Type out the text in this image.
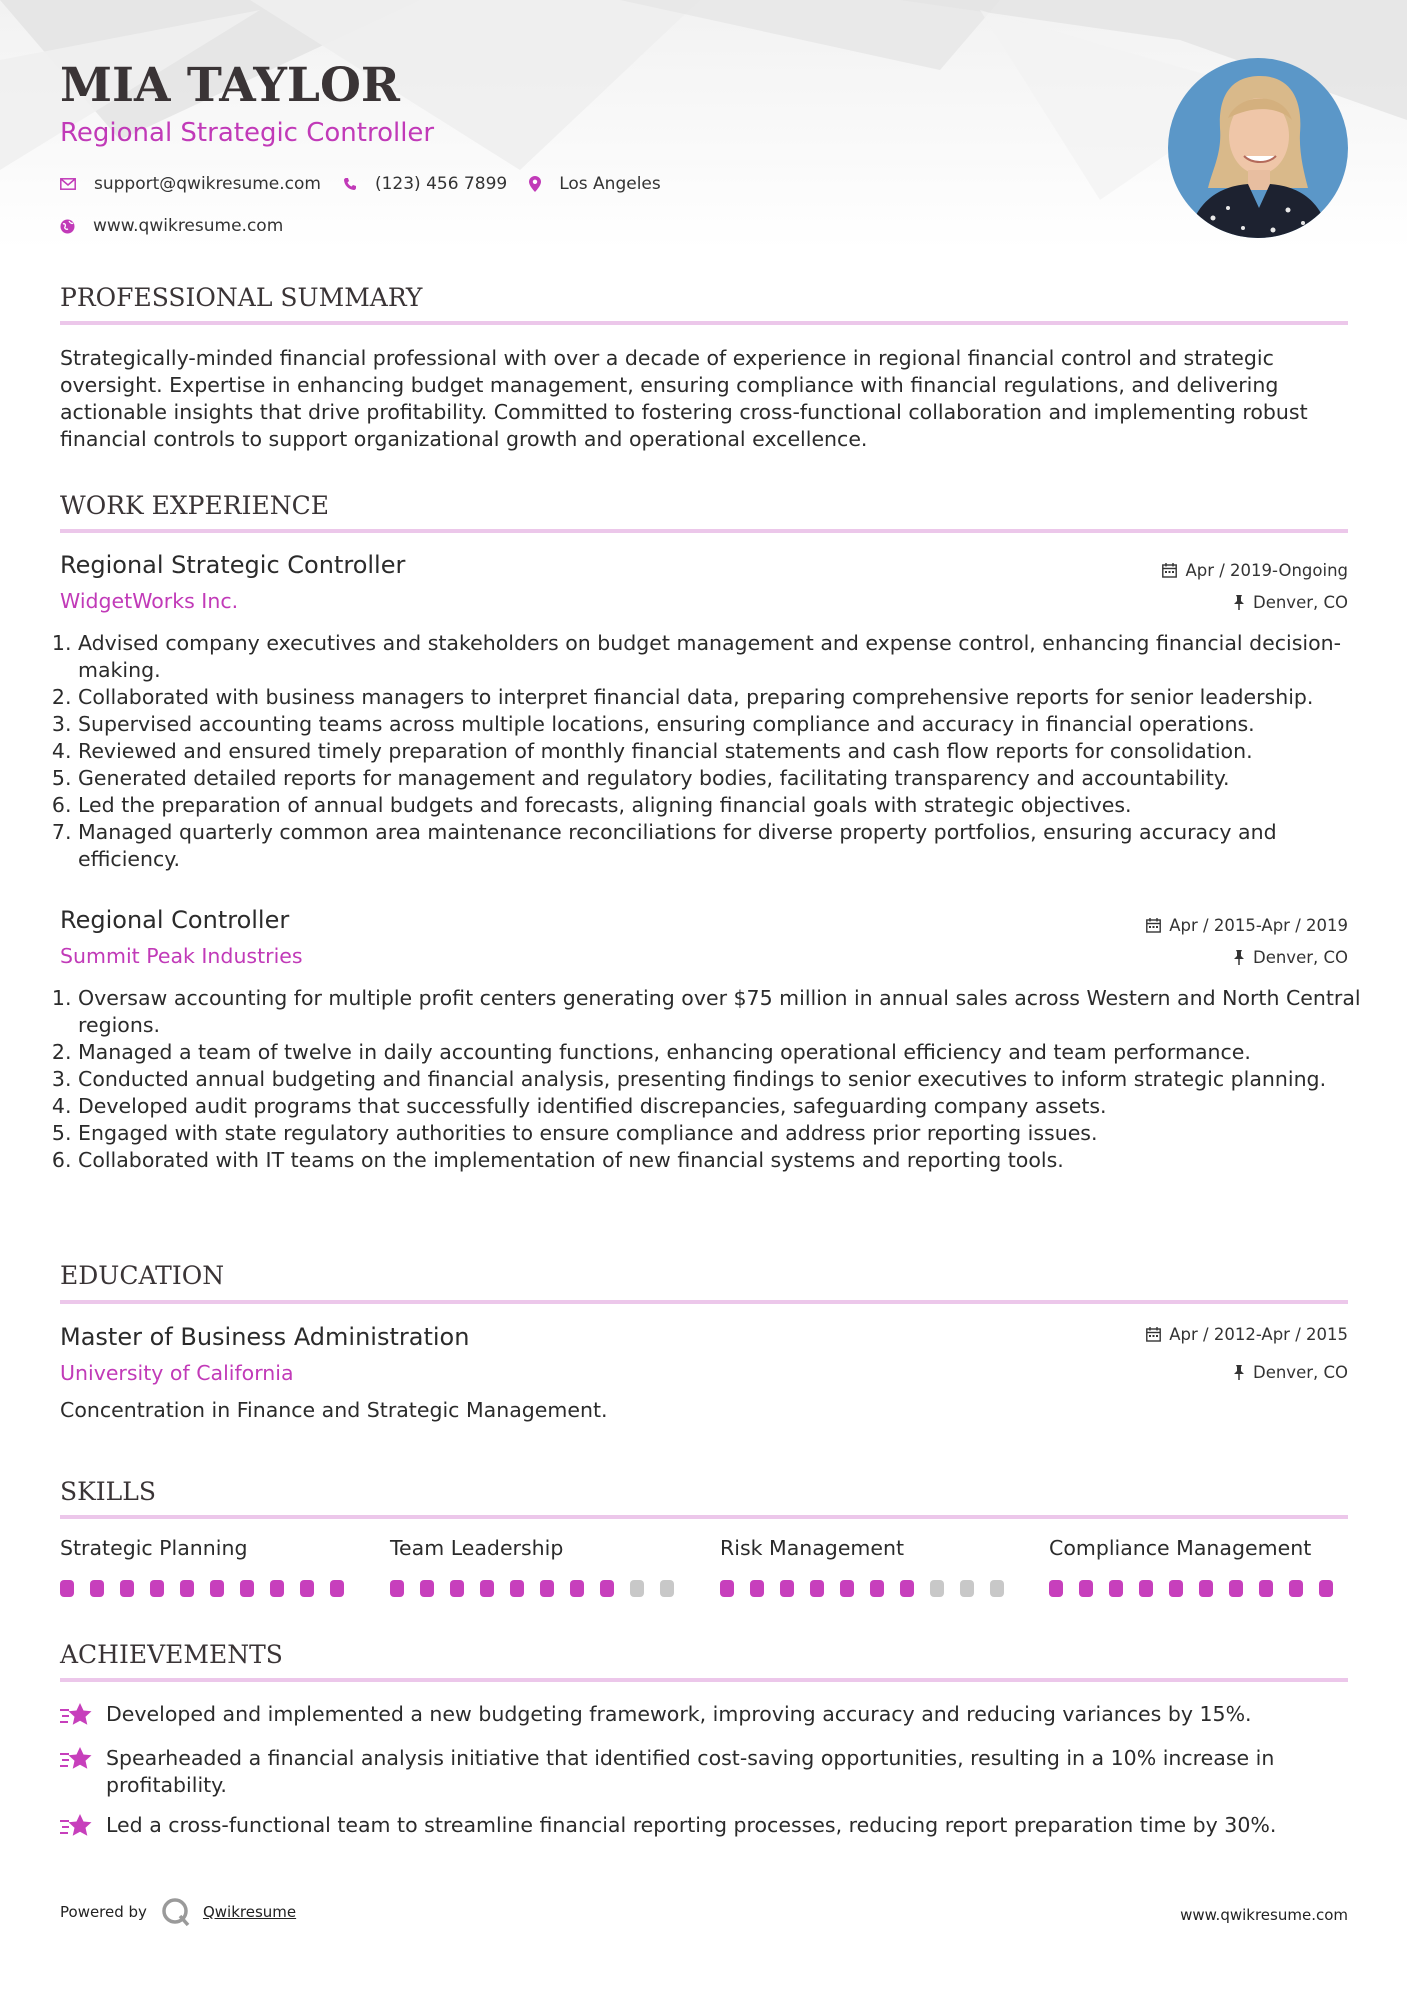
MIA TAYLOR
Regional Strategic Controller
support@qwikresume.com	(123) 456 7899	Los Angeles
www.qwikresume.com
PROFESSIONAL SUMMARY
Strategically-minded financial professional with over a decade of experience in regional financial control and strategic oversight. Expertise in enhancing budget management, ensuring compliance with financial regulations, and delivering actionable insights that drive profitability. Committed to fostering cross-functional collaboration and implementing robust financial controls to support organizational growth and operational excellence.
WORK EXPERIENCE
Regional Strategic Controller
WidgetWorks Inc.
Apr / 2019-Ongoing
Denver, CO
1. Advised company executives and stakeholders on budget management and expense control, enhancing financial decision-making.
2. Collaborated with business managers to interpret financial data, preparing comprehensive reports for senior leadership.
3. Supervised accounting teams across multiple locations, ensuring compliance and accuracy in financial operations.
4. Reviewed and ensured timely preparation of monthly financial statements and cash flow reports for consolidation.
5. Generated detailed reports for management and regulatory bodies, facilitating transparency and accountability.
6. Led the preparation of annual budgets and forecasts, aligning financial goals with strategic objectives.
7. Managed quarterly common area maintenance reconciliations for diverse property portfolios, ensuring accuracy and efficiency.
Regional Controller
Summit Peak Industries
Apr / 2015-Apr / 2019
Denver, CO
1. Oversaw accounting for multiple profit centers generating over $75 million in annual sales across Western and North Central regions.
2. Managed a team of twelve in daily accounting functions, enhancing operational efficiency and team performance.
3. Conducted annual budgeting and financial analysis, presenting findings to senior executives to inform strategic planning.
4. Developed audit programs that successfully identified discrepancies, safeguarding company assets.
5. Engaged with state regulatory authorities to ensure compliance and address prior reporting issues.
6. Collaborated with IT teams on the implementation of new financial systems and reporting tools.
EDUCATION
Master of Business Administration
University of California
Apr / 2012-Apr / 2015
Denver, CO
Concentration in Finance and Strategic Management.
SKILLS
Strategic Planning	Team Leadership	Risk Management	Compliance Management
ACHIEVEMENTS
Developed and implemented a new budgeting framework, improving accuracy and reducing variances by 15%.
Spearheaded a financial analysis initiative that identified cost-saving opportunities, resulting in a 10% increase in profitability.
Led a cross-functional team to streamline financial reporting processes, reducing report preparation time by 30%.
Powered by	Qwikresume	www.qwikresume.com
